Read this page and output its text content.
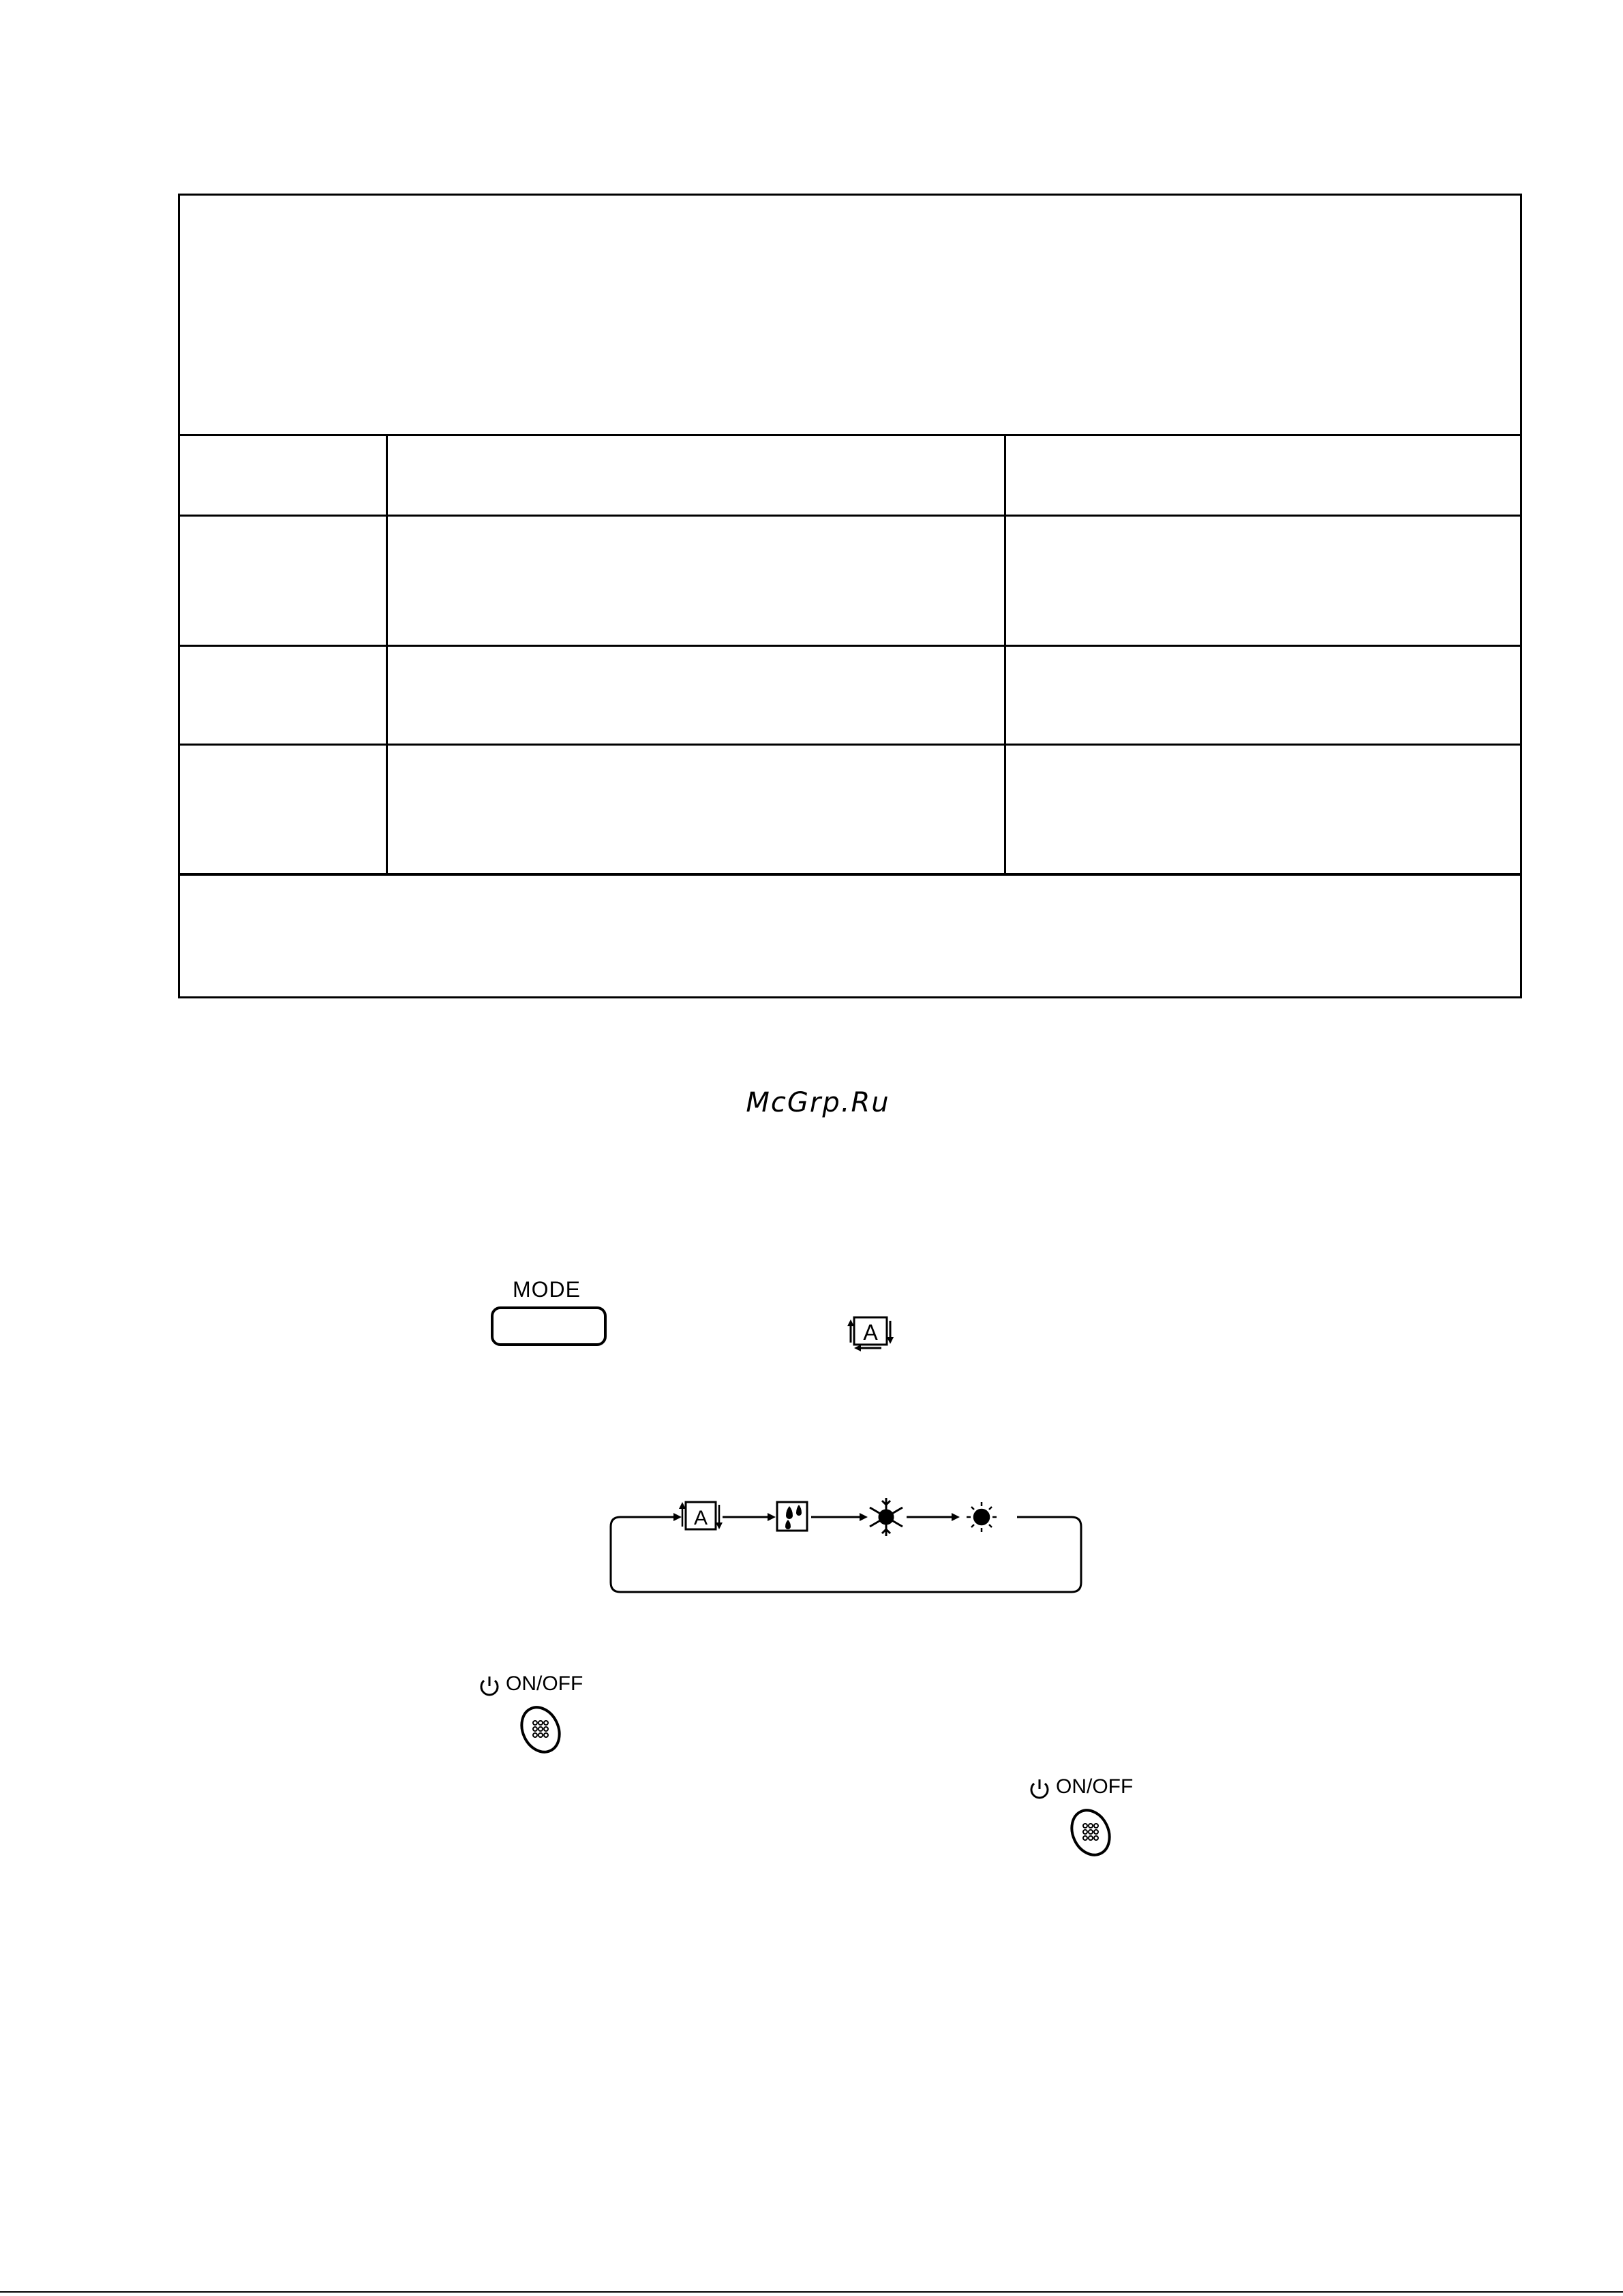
McGrp.Ru
MODE
A
A
ON/OFF
ON/OFF
